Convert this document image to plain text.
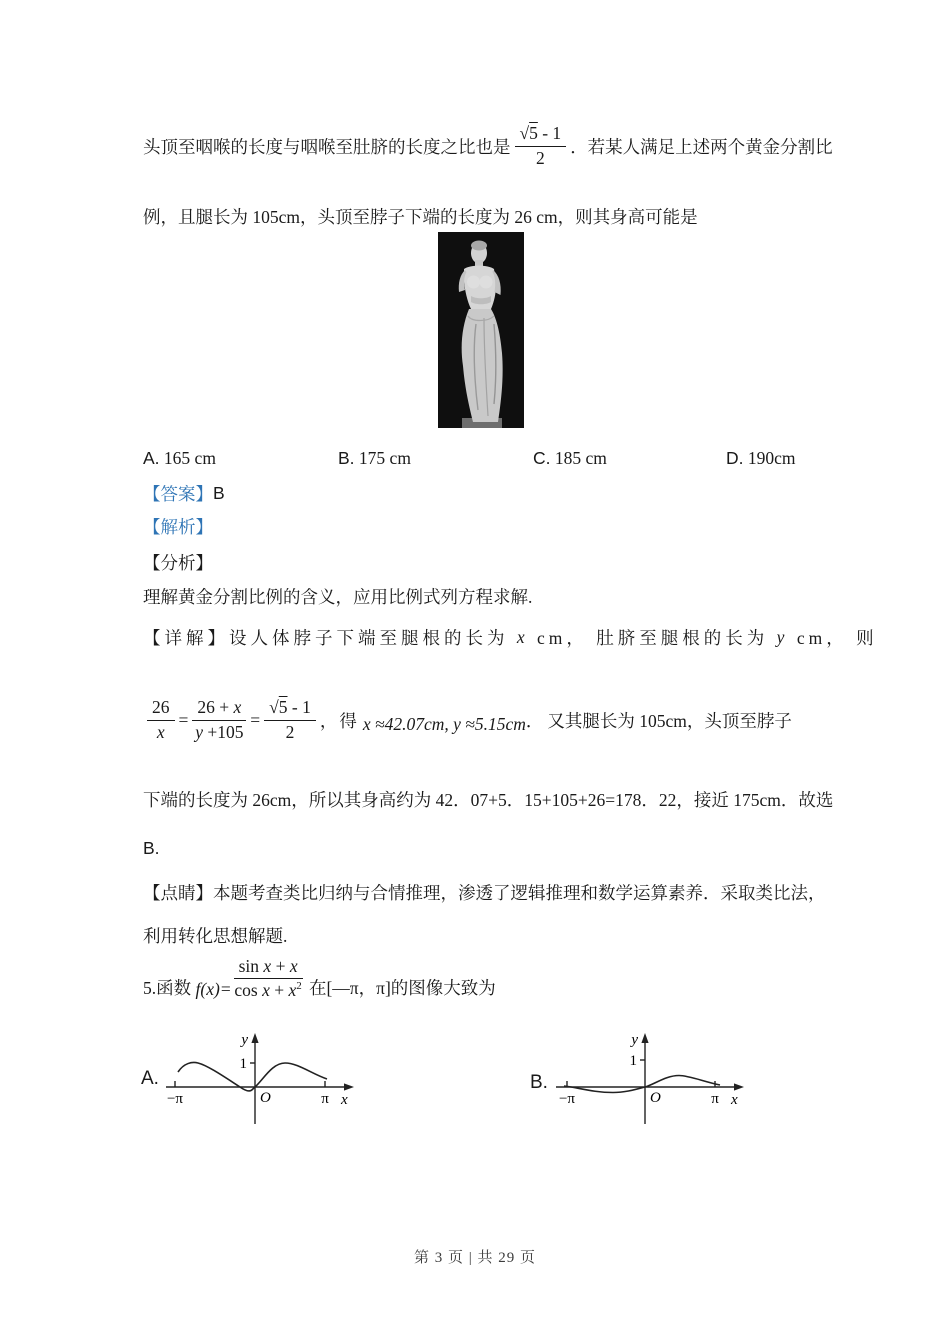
头顶至咽喉的长度与咽喉至肚脐的长度之比也是 $\frac{√5 - 1}{2}$ ．若某人满足上述两个黄金分割比
例，且腿长为 105cm，头顶至脖子下端的长度为 26 cm，则其身高可能是
A. 165 cm	B. 175 cm	C. 185 cm	D. 190cm
【答案】 B
【解析】
【分析】
理解黄金分割比例的含义，应用比例式列方程求解.
【详解】 设人体脖子下端至腿根的长为 x cm， 肚脐至腿根的长为 y cm， 则
$\frac{26}{x} = \frac{26 + x}{y +105} = \frac{√5 - 1}{2}$ ， 得 x ≈42.07cm, y ≈5.15cm ． 又其腿长为 105cm，头顶至脖子
下端的长度为 26cm，所以其身高约为 42．07+5．15+105+26=178．22，接近 175cm．故选
B.
【点睛】 本题考查类比归纳与合情推理，渗透了逻辑推理和数学运算素养．采取类比法，
利用转化思想解题.
5.函数 $f(x)= \frac{\text{sin x + x}}{\cos x + x^2}$ 在[—π，π]的图像大致为
A.
y
1
O
−π	π x
B.
y
1
O
−π	π x
第 3 页 | 共 29 页
